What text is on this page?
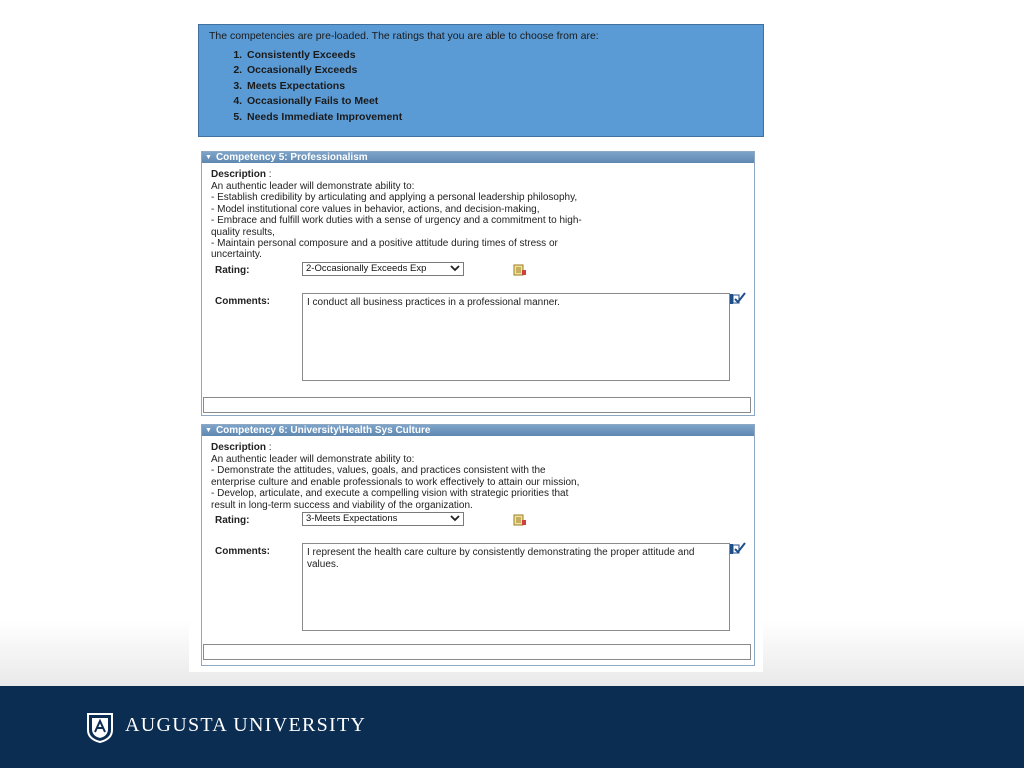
The competencies are pre-loaded. The ratings that you are able to choose from are:
1. Consistently Exceeds
2. Occasionally Exceeds
3. Meets Expectations
4. Occasionally Fails to Meet
5. Needs Immediate Improvement
▼ Competency 5: Professionalism
Description :
An authentic leader will demonstrate ability to:
- Establish credibility by articulating and applying a personal leadership philosophy,
- Model institutional core values in behavior, actions, and decision-making,
- Embrace and fulfill work duties with a sense of urgency and a commitment to high-
quality results,
- Maintain personal composure and a positive attitude during times of stress or
uncertainty.
Rating:	2-Occasionally Exceeds Exp
Comments:	I conduct all business practices in a professional manner.
▼ Competency 6: University\Health Sys Culture
Description :
An authentic leader will demonstrate ability to:
- Demonstrate the attitudes, values, goals, and practices consistent with the
enterprise culture and enable professionals to work effectively to attain our mission,
- Develop, articulate, and execute a compelling vision with strategic priorities that
result in long-term success and viability of the organization.
Rating:	3-Meets Expectations
Comments:	I represent the health care culture by consistently demonstrating the proper attitude and values.
AUGUSTA UNIVERSITY
